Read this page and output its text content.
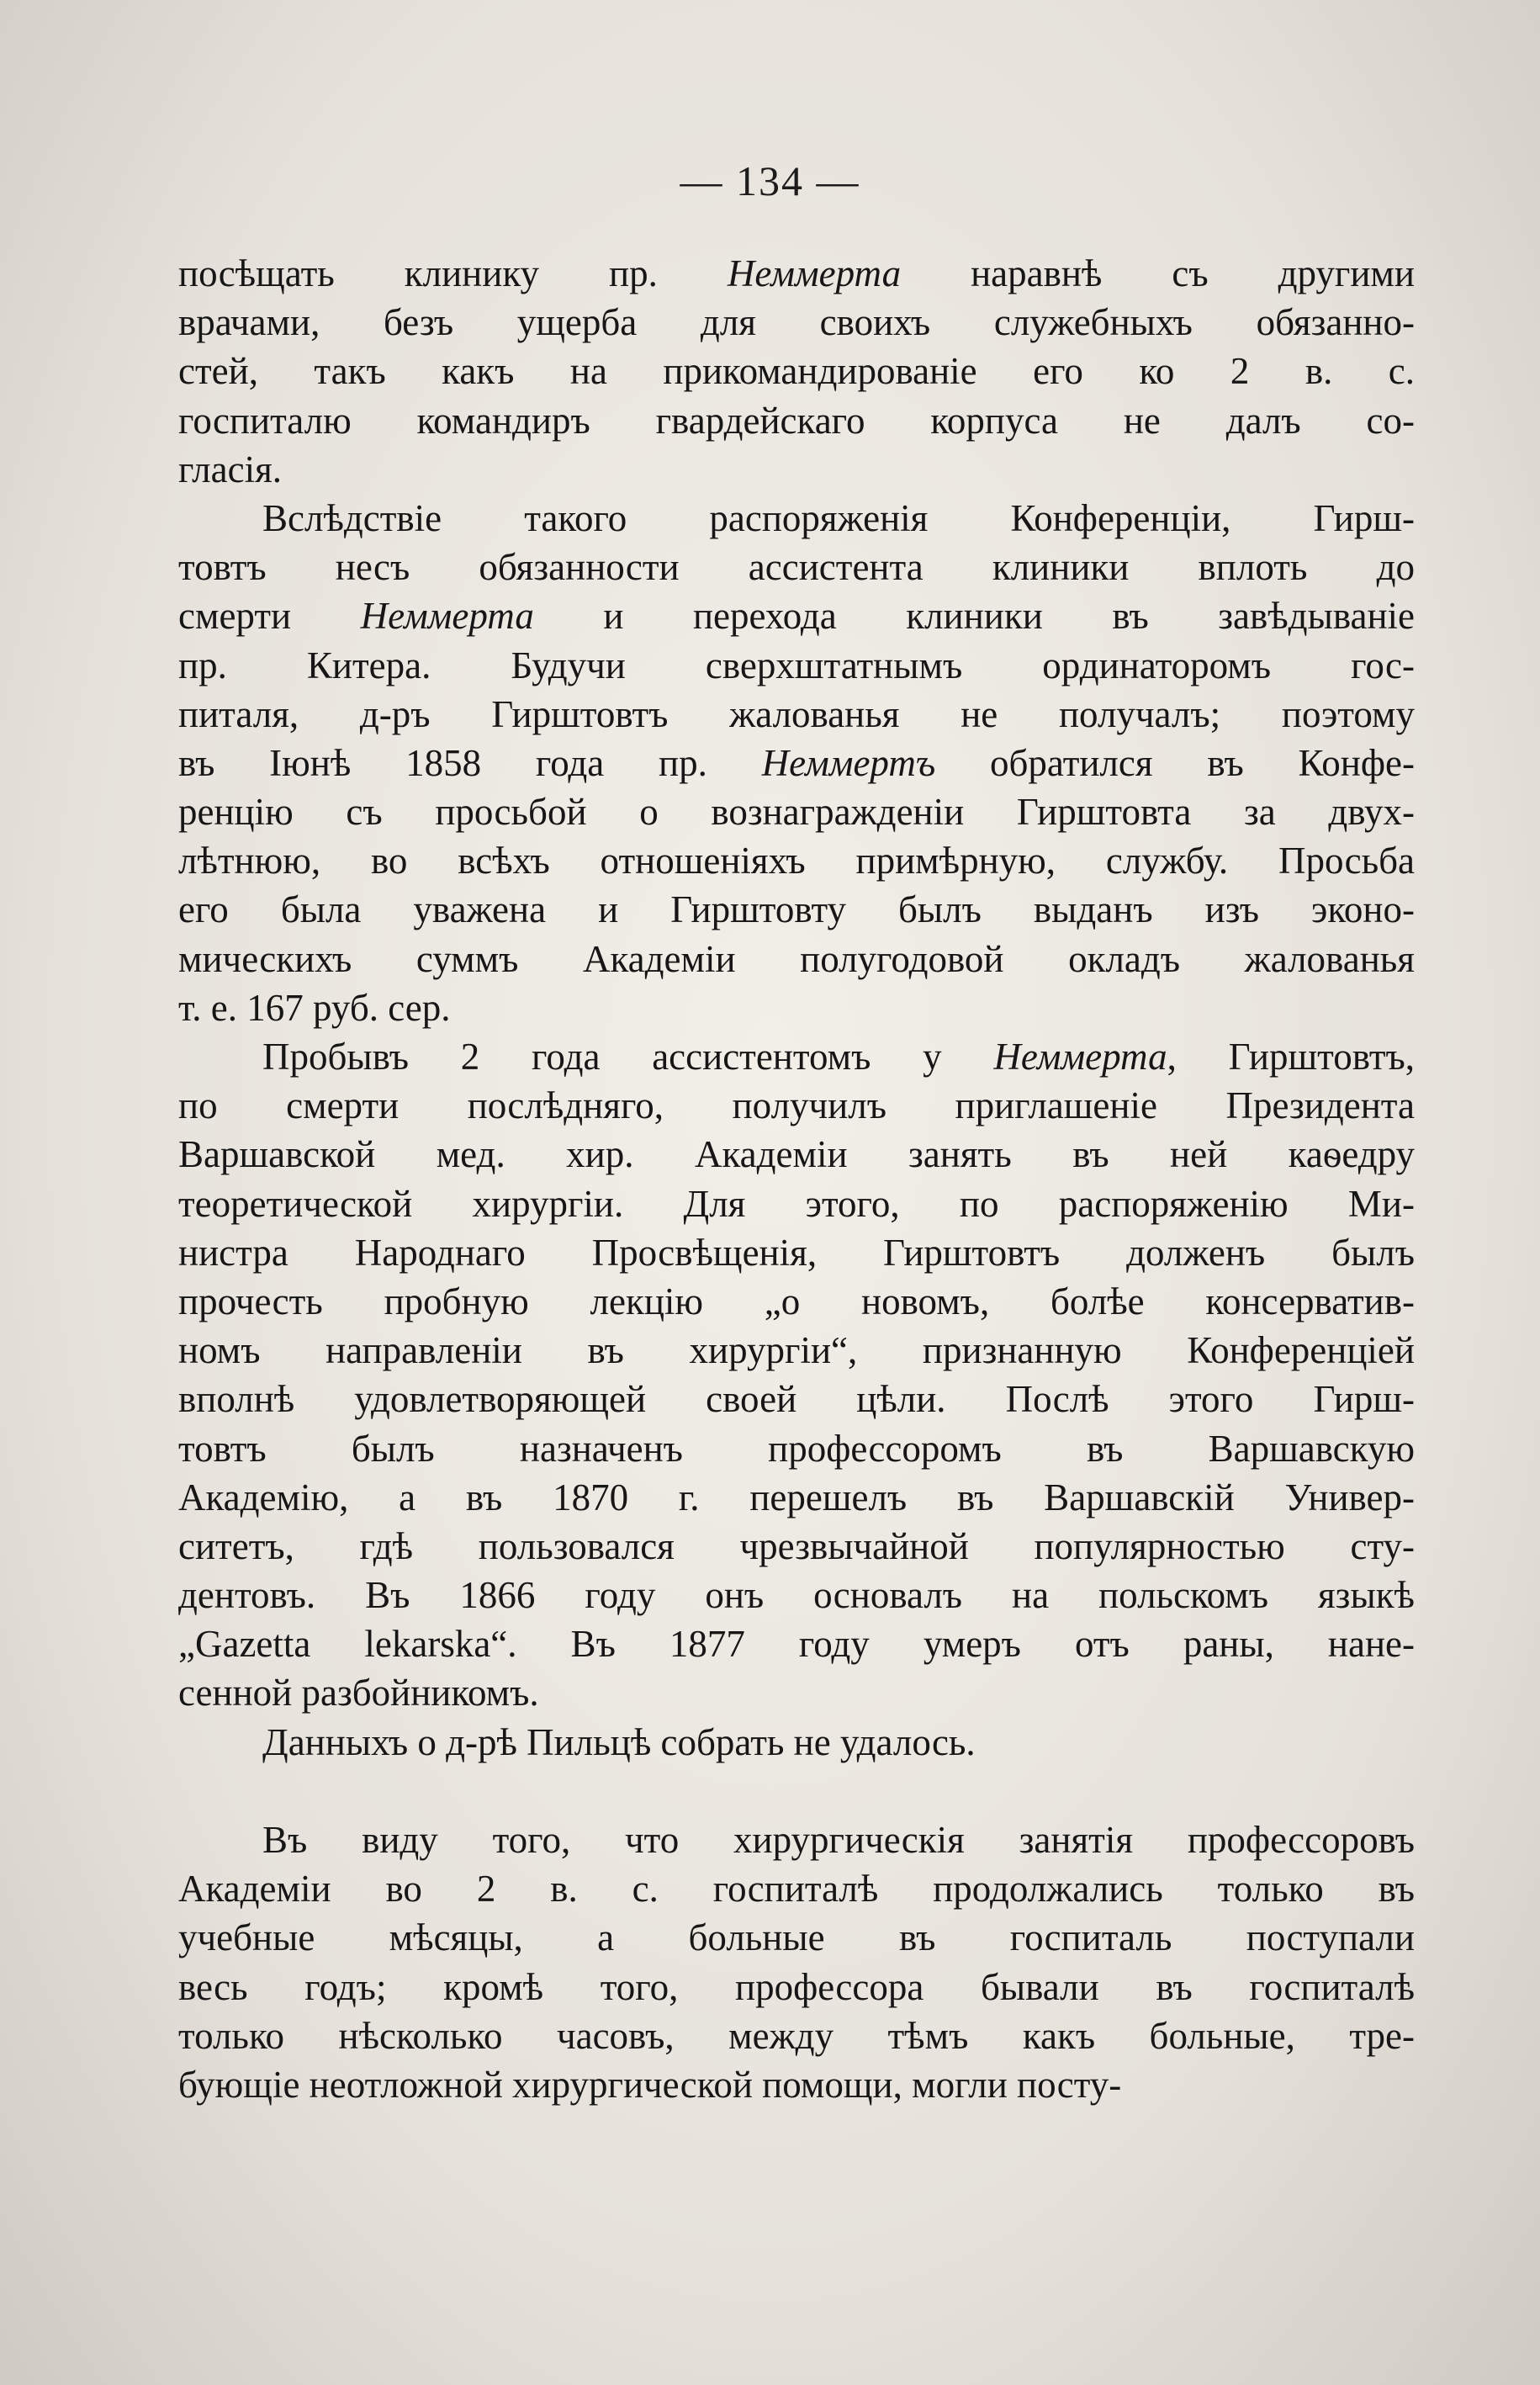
— 134 —
посѣщать клинику пр. Неммерта наравнѣ съ другими
врачами, безъ ущерба для своихъ служебныхъ обязанно-
стей, такъ какъ на прикомандированіе его ко 2 в. с.
госпиталю командиръ гвардейскаго корпуса не далъ со-
гласія.
Вслѣдствіе такого распоряженія Конференціи, Гирш-
товтъ несъ обязанности ассистента клиники вплоть до
смерти Неммерта и перехода клиники въ завѣдываніе
пр. Китера. Будучи сверхштатнымъ ординаторомъ гос-
питаля, д-ръ Гирштовтъ жалованья не получалъ; поэтому
въ Іюнѣ 1858 года пр. Неммертъ обратился въ Конфе-
ренцію съ просьбой о вознагражденіи Гирштовта за двух-
лѣтнюю, во всѣхъ отношеніяхъ примѣрную, службу. Просьба
его была уважена и Гирштовту былъ выданъ изъ эконо-
мическихъ суммъ Академіи полугодовой окладъ жалованья
т. е. 167 руб. сер.
Пробывъ 2 года ассистентомъ у Неммерта, Гирштовтъ,
по смерти послѣдняго, получилъ приглашеніе Президента
Варшавской мед. хир. Академіи занять въ ней каѳедру
теоретической хирургіи. Для этого, по распоряженію Ми-
нистра Народнаго Просвѣщенія, Гирштовтъ долженъ былъ
прочесть пробную лекцію „о новомъ, болѣе консерватив-
номъ направленіи въ хирургіи“, признанную Конференціей
вполнѣ удовлетворяющей своей цѣли. Послѣ этого Гирш-
товтъ былъ назначенъ профессоромъ въ Варшавскую
Академію, а въ 1870 г. перешелъ въ Варшавскій Универ-
ситетъ, гдѣ пользовался чрезвычайной популярностью сту-
дентовъ. Въ 1866 году онъ основалъ на польскомъ языкѣ
„Gazetta lekarska“. Въ 1877 году умеръ отъ раны, нане-
сенной разбойникомъ.
Данныхъ о д-рѣ Пильцѣ собрать не удалось.
Въ виду того, что хирургическія занятія профессоровъ
Академіи во 2 в. с. госпиталѣ продолжались только въ
учебные мѣсяцы, а больные въ госпиталь поступали
весь годъ; кромѣ того, профессора бывали въ госпиталѣ
только нѣсколько часовъ, между тѣмъ какъ больные, тре-
бующіе неотложной хирургической помощи, могли посту-
